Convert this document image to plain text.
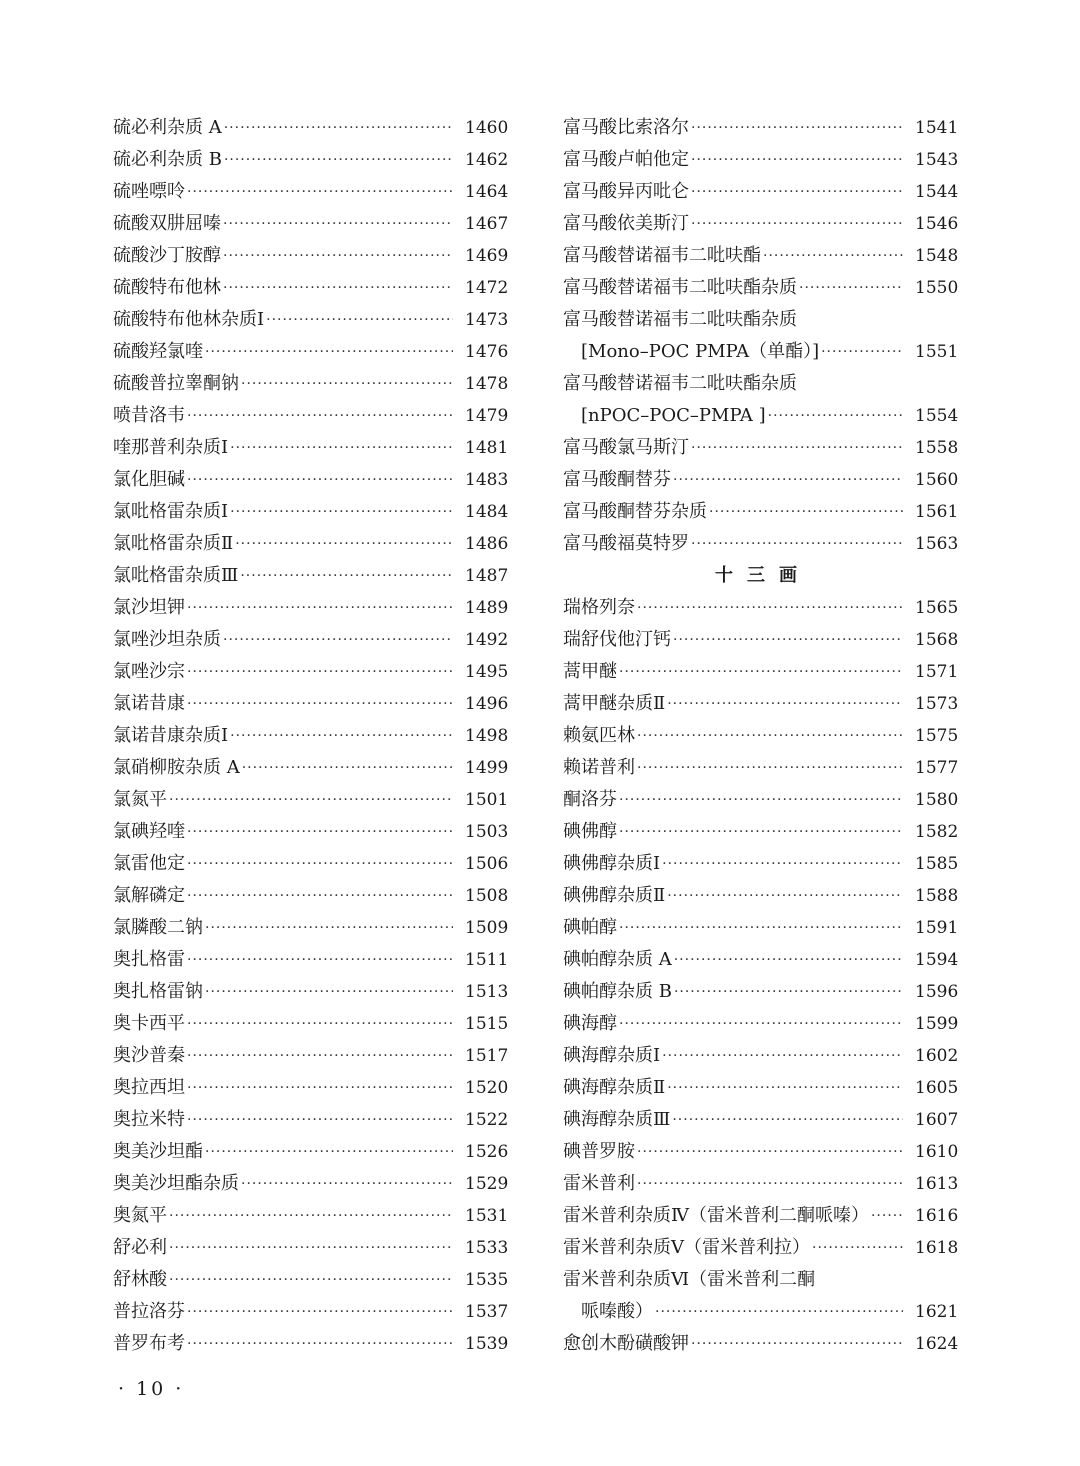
硫必利杂质 A ·····	1460
硫必利杂质 B ·····	1462
硫唑嘌呤 ·····	1464
硫酸双肼屈嗪 ·····	1467
硫酸沙丁胺醇 ·····	1469
硫酸特布他林 ·····	1472
硫酸特布他林杂质Ⅰ ·····	1473
硫酸羟氯喹 ·····	1476
硫酸普拉睾酮钠 ·····	1478
喷昔洛韦 ·····	1479
喹那普利杂质Ⅰ ·····	1481
氯化胆碱 ·····	1483
氯吡格雷杂质Ⅰ ·····	1484
氯吡格雷杂质Ⅱ ·····	1486
氯吡格雷杂质Ⅲ ·····	1487
氯沙坦钾 ·····	1489
氯唑沙坦杂质 ·····	1492
氯唑沙宗 ·····	1495
氯诺昔康 ·····	1496
氯诺昔康杂质Ⅰ ·····	1498
氯硝柳胺杂质 A ·····	1499
氯氮平 ·····	1501
氯碘羟喹 ·····	1503
氯雷他定 ·····	1506
氯解磷定 ·····	1508
氯膦酸二钠 ·····	1509
奥扎格雷 ·····	1511
奥扎格雷钠 ·····	1513
奥卡西平 ·····	1515
奥沙普秦 ·····	1517
奥拉西坦 ·····	1520
奥拉米特 ·····	1522
奥美沙坦酯 ·····	1526
奥美沙坦酯杂质 ·····	1529
奥氮平 ·····	1531
舒必利 ·····	1533
舒林酸 ·····	1535
普拉洛芬 ·····	1537
普罗布考 ·····	1539
富马酸比索洛尔 ·····	1541
富马酸卢帕他定 ·····	1543
富马酸异丙吡仑 ·····	1544
富马酸依美斯汀 ·····	1546
富马酸替诺福韦二吡呋酯 ·····	1548
富马酸替诺福韦二吡呋酯杂质 ·····	1550
富马酸替诺福韦二吡呋酯杂质
[Mono–POC PMPA（单酯）] ·····	1551
富马酸替诺福韦二吡呋酯杂质
[nPOC–POC–PMPA ] ·····	1554
富马酸氯马斯汀 ·····	1558
富马酸酮替芬 ·····	1560
富马酸酮替芬杂质 ·····	1561
富马酸福莫特罗 ·····	1563
十三画
瑞格列奈 ·····	1565
瑞舒伐他汀钙 ·····	1568
蒿甲醚 ·····	1571
蒿甲醚杂质Ⅱ ·····	1573
赖氨匹林 ·····	1575
赖诺普利 ·····	1577
酮洛芬 ·····	1580
碘佛醇 ·····	1582
碘佛醇杂质Ⅰ ·····	1585
碘佛醇杂质Ⅱ ·····	1588
碘帕醇 ·····	1591
碘帕醇杂质 A ·····	1594
碘帕醇杂质 B ·····	1596
碘海醇 ·····	1599
碘海醇杂质Ⅰ ·····	1602
碘海醇杂质Ⅱ ·····	1605
碘海醇杂质Ⅲ ·····	1607
碘普罗胺 ·····	1610
雷米普利 ·····	1613
雷米普利杂质Ⅳ（雷米普利二酮哌嗪） ·····	1616
雷米普利杂质Ⅴ（雷米普利拉） ·····	1618
雷米普利杂质Ⅵ（雷米普利二酮
哌嗪酸） ·····	1621
愈创木酚磺酸钾 ·····	1624
· 10 ·
